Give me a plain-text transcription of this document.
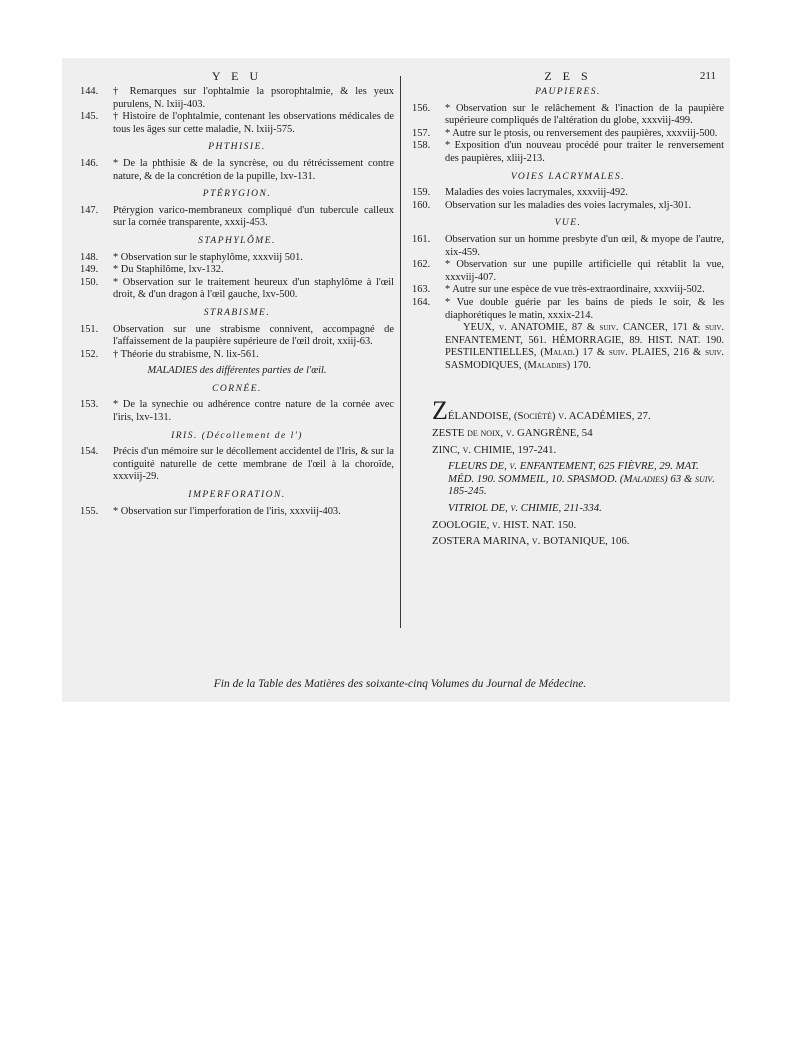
Y E U

144.	† Remarques sur l'ophtalmie la psorophtalmie, & les yeux purulens, N. lxiij-403.

145.	† Histoire de l'ophtalmie, contenant les observations médicales de tous les âges sur cette maladie, N. lxiij-575.

PHTHISIE.

146.	* De la phthisie & de la syncrèse, ou du rétrécissement contre nature, & de la concrétion de la pupille, lxv-131.

PTÉRYGION.

147.	Ptérygion varico-membraneux compliqué d'un tubercule calleux sur la cornée transparente, xxxij-453.

STAPHYLÔME.

148.	* Observation sur le staphylôme, xxxviij 501.

149.	* Du Staphilôme, lxv-132.

150.	* Observation sur le traitement heureux d'un staphylôme à l'œil droit, & d'un dragon à l'œil gauche, lxv-500.

STRABISME.

151.	Observation sur une strabisme connivent, accompagné de l'affaissement de la paupière supérieure de l'œil droit, xxiij-63.

152.	† Théorie du strabisme, N. lix-561.

MALADIES des différentes parties de l'œil.
CORNÉE.

153.	* De la synechie ou adhérence contre nature de la cornée avec l'iris, lxv-131.

IRIS. (Décollement de l')

154.	Précis d'un mémoire sur le décollement accidentel de l'Iris, & sur la contiguité naturelle de cette membrane de l'œil à la choroïde, xxxviij-29.

IMPERFORATION.

155.	* Observation sur l'imperforation de l'iris, xxxviij-403.

Z E S	211
PAUPIERES.

156.	* Observation sur le relâchement & l'inaction de la paupière supérieure compliqués de l'altération du globe, xxxviij-499.

157.	* Autre sur le ptosis, ou renversement des paupières, xxxviij-500.

158.	* Exposition d'un nouveau procédé pour traiter le renversement des paupières, xliij-213.

VOIES LACRYMALES.

159.	Maladies des voies lacrymales, xxxviij-492.

160.	Observation sur les maladies des voies lacrymales, xlj-301.

VUE.

161.	Observation sur un homme presbyte d'un œil, & myope de l'autre, xix-459.

162.	* Observation sur une pupille artificielle qui rétablit la vue, xxxviij-407.

163.	* Autre sur une espèce de vue très-extraordinaire, xxxviij-502.

164.	* Vue double guérie par les bains de pieds le soir, & les diaphorétiques le matin, xxxix-214.

YEUX, v. ANATOMIE, 87 & suiv. CANCER, 171 & suiv. ENFANTEMENT, 561. HÉMORRAGIE, 89. HIST. NAT. 190. PESTILENTIELLES, (Malad.) 17 & suiv. PLAIES, 216 & suiv. SASMODIQUES, (Maladies) 170.

ZÉLANDOISE, (Société) v. ACADÉMIES, 27.

ZESTE de noix, v. GANGRÈNE, 54

ZINC, v. CHIMIE, 197-241.

FLEURS DE, v. ENFANTEMENT, 625 FIÈVRE, 29. MAT. MÉD. 190. SOMMEIL, 10. SPASMOD. (Maladies) 63 & suiv. 185-245.

VITRIOL DE, v. CHIMIE, 211-334.

ZOOLOGIE, v. HIST. NAT. 150.

ZOSTERA MARINA, v. BOTANIQUE, 106.

Fin de la Table des Matières des soixante-cinq Volumes du Journal de Médecine.
